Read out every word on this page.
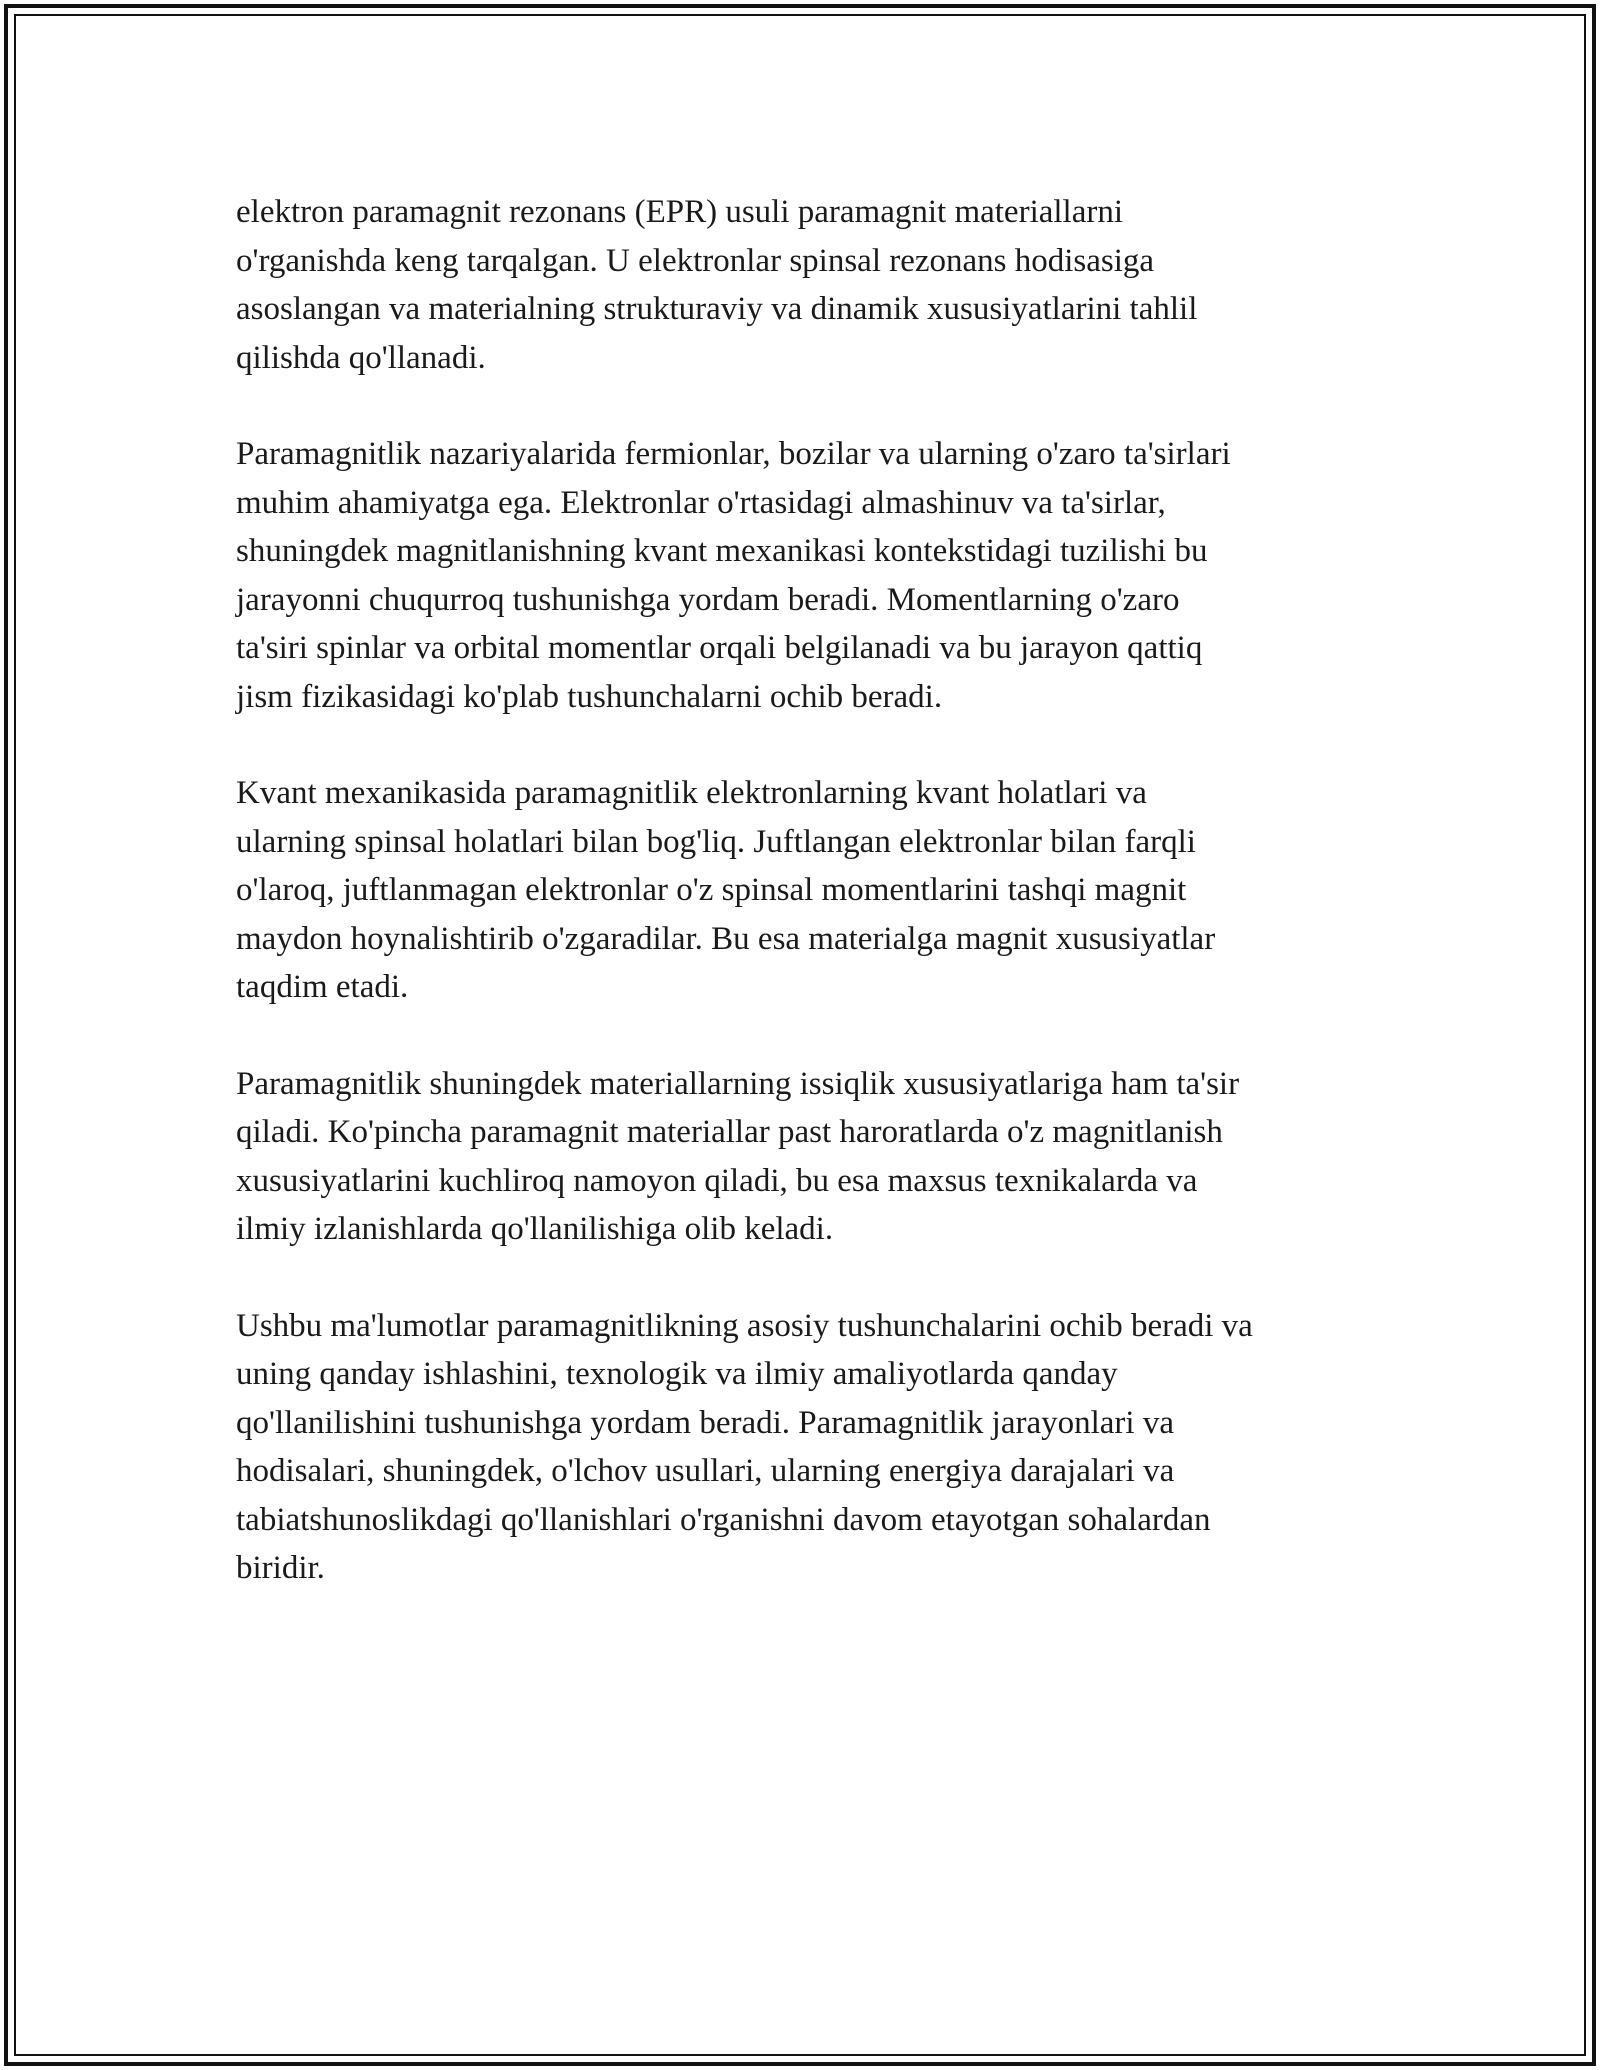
elektron paramagnit rezonans (EPR) usuli paramagnit materiallarni
o'rganishda keng tarqalgan. U elektronlar spinsal rezonans hodisasiga
asoslangan va materialning strukturaviy va dinamik xususiyatlarini tahlil
qilishda qo'llanadi.

Paramagnitlik nazariyalarida fermionlar, bozilar va ularning o'zaro ta'sirlari
muhim ahamiyatga ega. Elektronlar o'rtasidagi almashinuv va ta'sirlar,
shuningdek magnitlanishning kvant mexanikasi kontekstidagi tuzilishi bu
jarayonni chuqurroq tushunishga yordam beradi. Momentlarning o'zaro
ta'siri spinlar va orbital momentlar orqali belgilanadi va bu jarayon qattiq
jism fizikasidagi ko'plab tushunchalarni ochib beradi.

Kvant mexanikasida paramagnitlik elektronlarning kvant holatlari va
ularning spinsal holatlari bilan bog'liq. Juftlangan elektronlar bilan farqli
o'laroq, juftlanmagan elektronlar o'z spinsal momentlarini tashqi magnit
maydon hoynalishtirib o'zgaradilar. Bu esa materialga magnit xususiyatlar
taqdim etadi.

Paramagnitlik shuningdek materiallarning issiqlik xususiyatlariga ham ta'sir
qiladi. Ko'pincha paramagnit materiallar past haroratlarda o'z magnitlanish
xususiyatlarini kuchliroq namoyon qiladi, bu esa maxsus texnikalarda va
ilmiy izlanishlarda qo'llanilishiga olib keladi.

Ushbu ma'lumotlar paramagnitlikning asosiy tushunchalarini ochib beradi va
uning qanday ishlashini, texnologik va ilmiy amaliyotlarda qanday
qo'llanilishini tushunishga yordam beradi. Paramagnitlik jarayonlari va
hodisalari, shuningdek, o'lchov usullari, ularning energiya darajalari va
tabiatshunoslikdagi qo'llanishlari o'rganishni davom etayotgan sohalardan
biridir.
